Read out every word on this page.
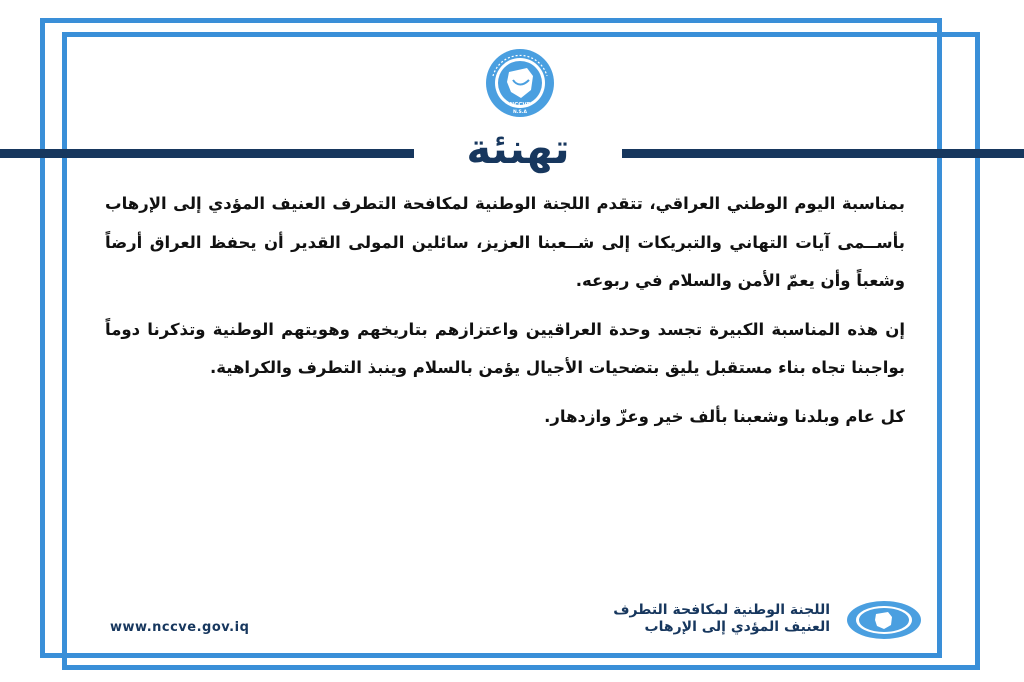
NCCVE
N.S.A
تهنئة

بمناسبة اليوم الوطني العراقي، تتقدم اللجنة الوطنية لمكافحة التطرف العنيف المؤدي إلى الإرهاب بأســمى آيات التهاني والتبريكات إلى شــعبنا العزيز، سائلين المولى القدير أن يحفظ العراق أرضاً وشعباً وأن يعمّ الأمن والسلام في ربوعه.

إن هذه المناسبة الكبيرة تجسد وحدة العراقيين واعتزازهم بتاريخهم وهويتهم الوطنية وتذكرنا دوماً بواجبنا تجاه بناء مستقبل يليق بتضحيات الأجيال يؤمن بالسلام وينبذ التطرف والكراهية.

كل عام وبلدنا وشعبنا بألف خير وعزّ وازدهار.

www.nccve.gov.iq
اللجنة الوطنية لمكافحة التطرف
العنيف المؤدي إلى الإرهاب
